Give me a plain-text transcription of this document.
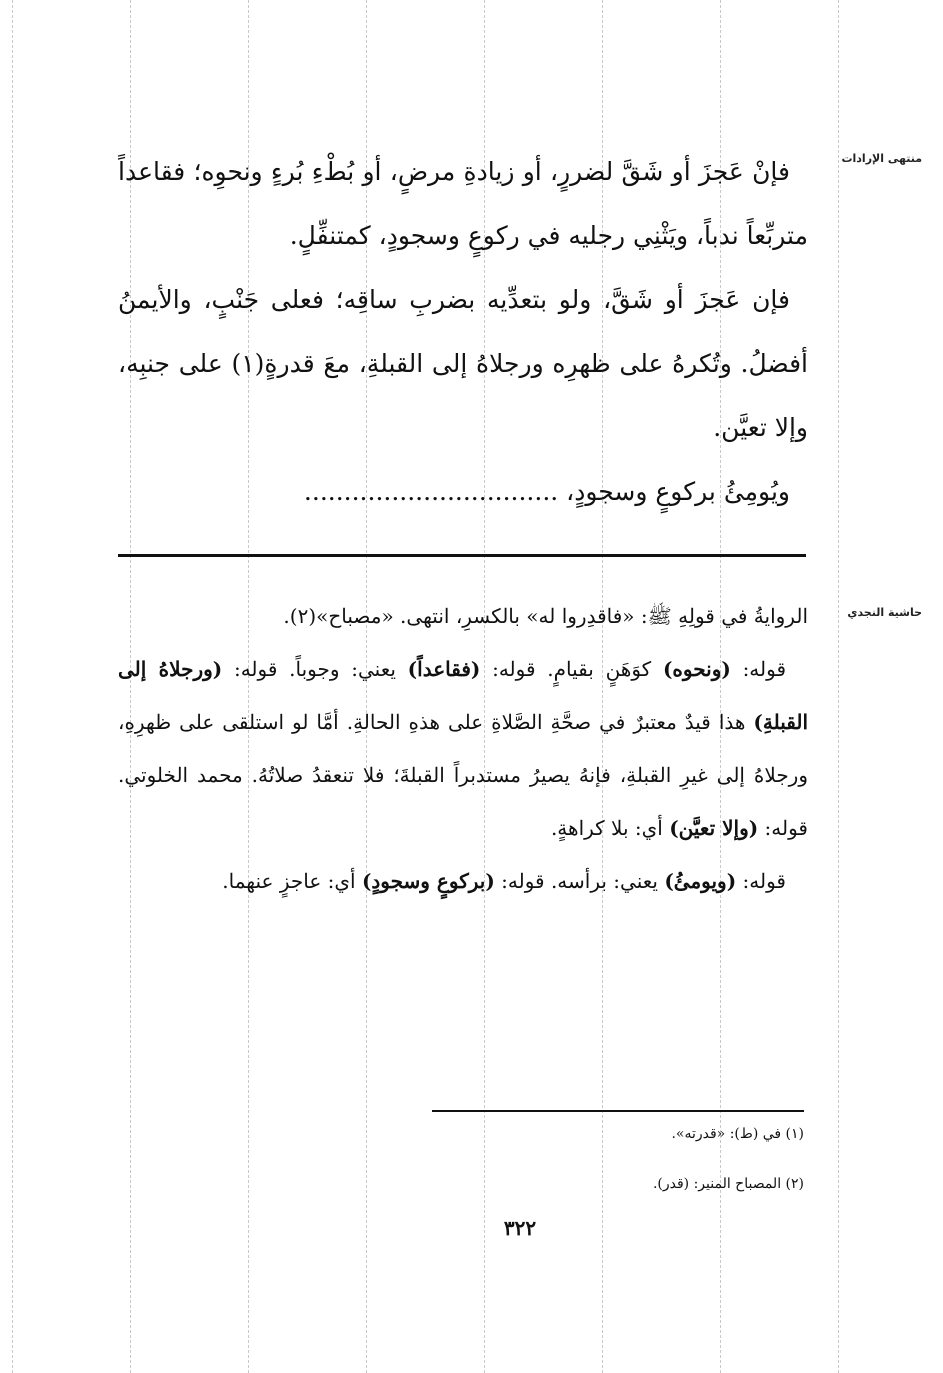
منتهى الإرادات

فإنْ عَجزَ أو شَقَّ لضررٍ، أو زيادةِ مرضٍ، أو بُطْءِ بُرءٍ ونحوِه؛ فقاعداً متربِّعاً ندباً، ويَثْنِي رجليه في ركوعٍ وسجودٍ، كمتنفِّلٍ.

فإن عَجزَ أو شَقَّ، ولو بتعدِّيه بضربِ ساقِه؛ فعلى جَنْبٍ، والأيمنُ أفضلُ. وتُكرهُ على ظهرِه ورجلاهُ إلى القبلةِ، معَ قدرةٍ(١) على جنبِه، وإلا تعيَّن.

ويُومِئُ بركوعٍ وسجودٍ، ................................

حاشية النجدي

الروايةُ في قولِهِ ﷺ: «فاقدِروا له» بالكسرِ، انتهى. «مصباح»(٢).

قوله: (ونحوه) كوَهَنٍ بقيامٍ. قوله: (فقاعداً) يعني: وجوباً. قوله: (ورجلاهُ إلى القبلةِ) هذا قيدٌ معتبرٌ في صحَّةِ الصَّلاةِ على هذهِ الحالةِ. أمَّا لو استلقى على ظهرِهِ، ورجلاهُ إلى غيرِ القبلةِ، فإنهُ يصيرُ مستدبراً القبلةَ؛ فلا تنعقدُ صلاتُهُ. محمد الخلوتي. قوله: (وإلا تعيَّن) أي: بلا كراهةٍ.

قوله: (ويومئُ) يعني: برأسه. قوله: (بركوعٍ وسجودٍ) أي: عاجزٍ عنهما.

(١) في (ط): «قدرته».
(٢) المصباح المنير: (قدر).
٣٢٢
